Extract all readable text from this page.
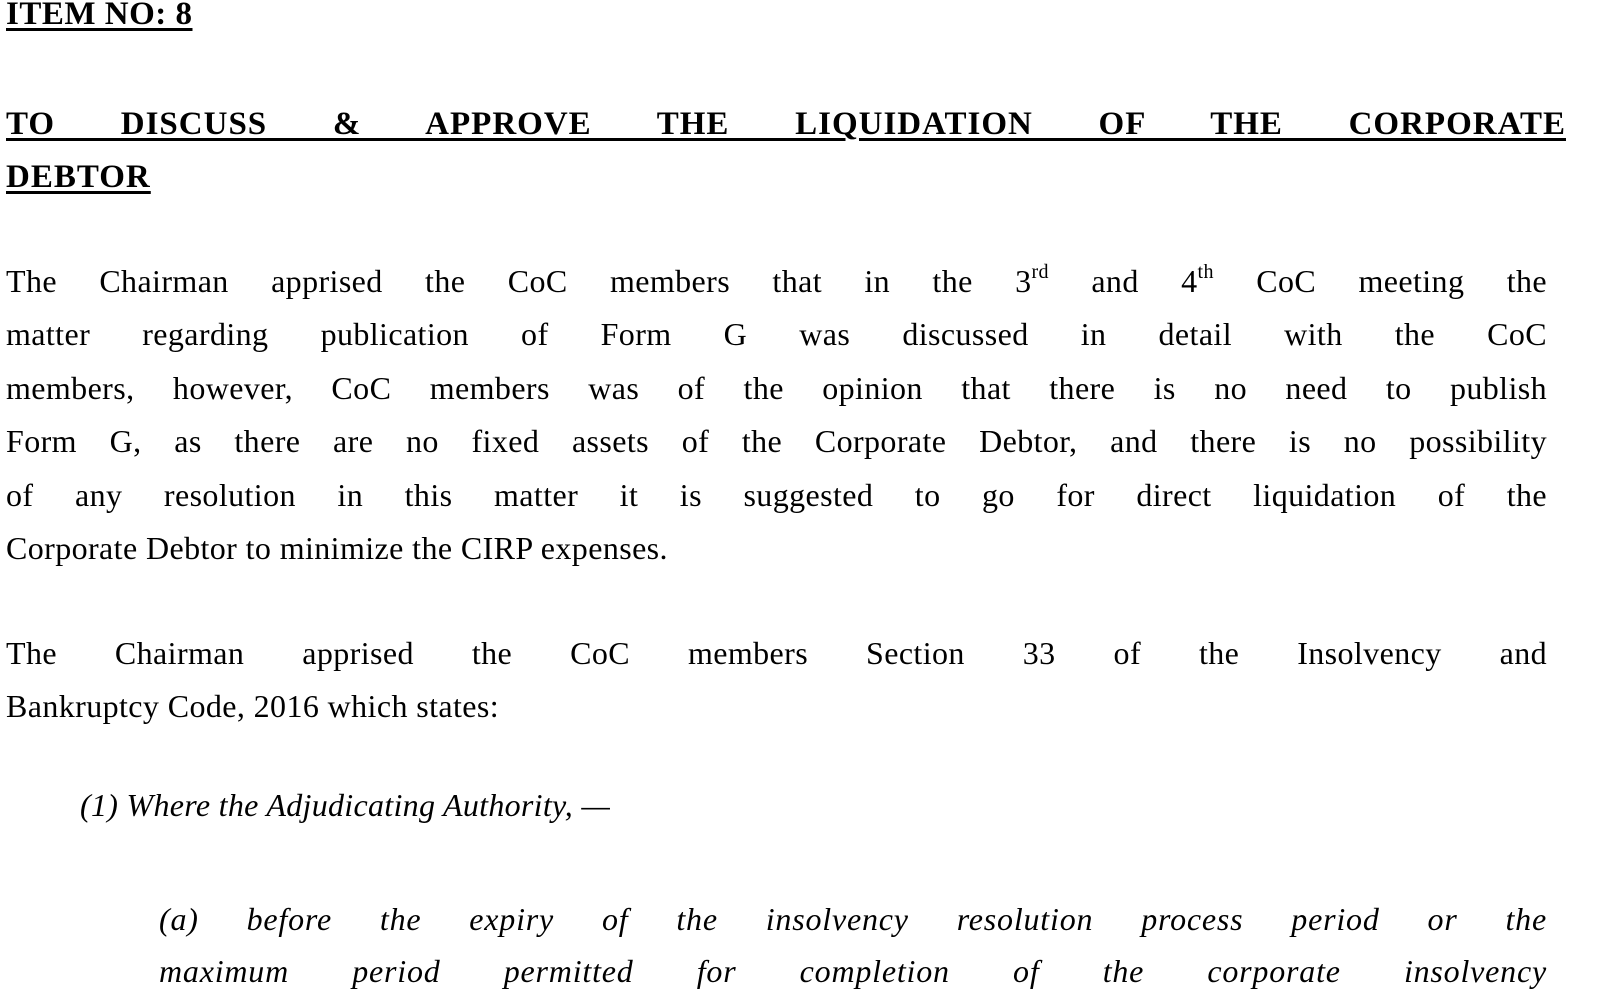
ITEM NO: 8
TO DISCUSS & APPROVE THE LIQUIDATION OF THE CORPORATE
DEBTOR
The Chairman apprised the CoC members that in the 3rd and 4th CoC meeting the
matter regarding publication of Form G was discussed in detail with the CoC
members, however, CoC members was of the opinion that there is no need to publish
Form G, as there are no fixed assets of the Corporate Debtor, and there is no possibility
of any resolution in this matter it is suggested to go for direct liquidation of the
Corporate Debtor to minimize the CIRP expenses.
The Chairman apprised the CoC members Section 33 of the Insolvency and
Bankruptcy Code, 2016 which states:
(1) Where the Adjudicating Authority, —
(a) before the expiry of the insolvency resolution process period or the
maximum period permitted for completion of the corporate insolvency
